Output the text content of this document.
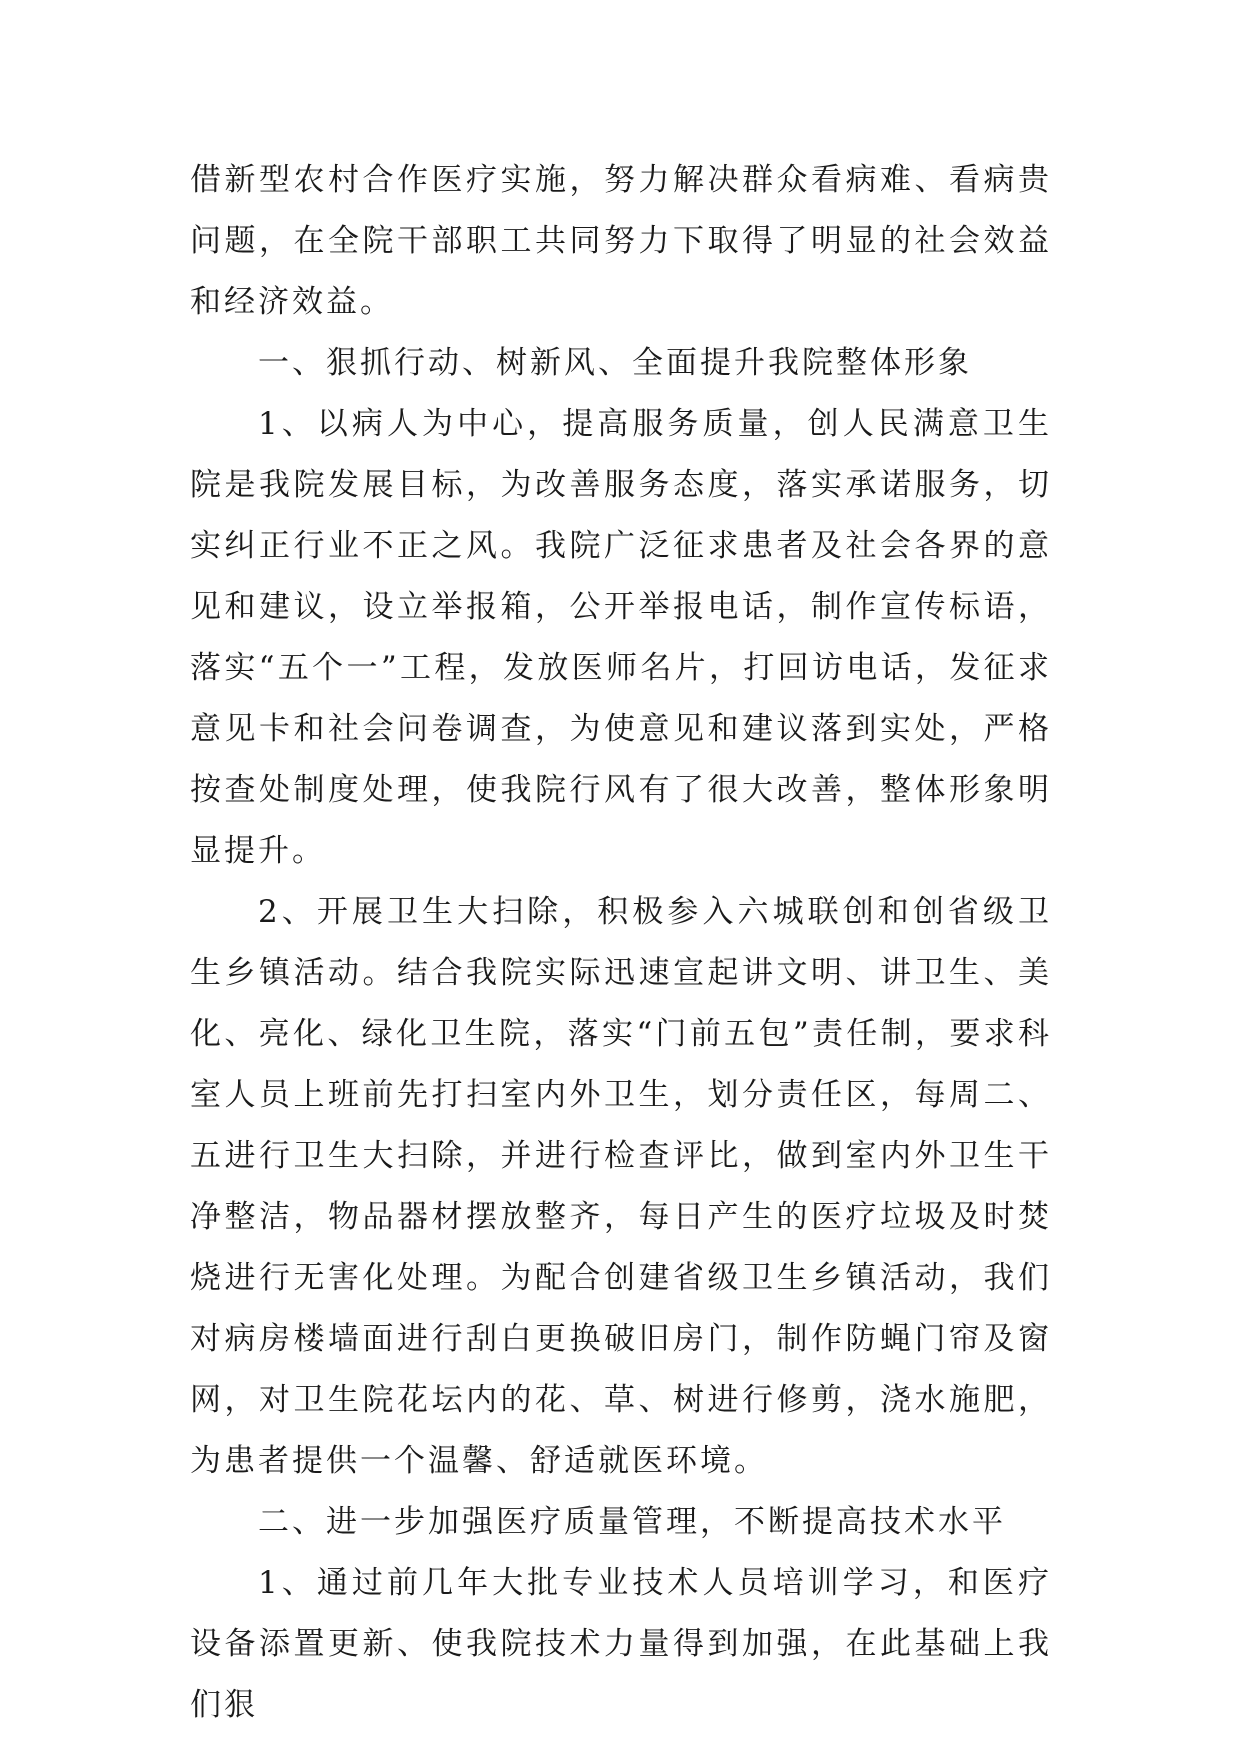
借新型农村合作医疗实施，努力解决群众看病难、看病贵问题，在全院干部职工共同努力下取得了明显的社会效益和经济效益。

一、狠抓行动、树新风、全面提升我院整体形象

1、以病人为中心，提高服务质量，创人民满意卫生院是我院发展目标，为改善服务态度，落实承诺服务，切实纠正行业不正之风。我院广泛征求患者及社会各界的意见和建议，设立举报箱，公开举报电话，制作宣传标语，落实“五个一”工程，发放医师名片，打回访电话，发征求意见卡和社会问卷调查，为使意见和建议落到实处，严格按查处制度处理，使我院行风有了很大改善，整体形象明显提升。

2、开展卫生大扫除，积极参入六城联创和创省级卫生乡镇活动。结合我院实际迅速宣起讲文明、讲卫生、美化、亮化、绿化卫生院，落实“门前五包”责任制，要求科室人员上班前先打扫室内外卫生，划分责任区，每周二、五进行卫生大扫除，并进行检查评比，做到室内外卫生干净整洁，物品器材摆放整齐，每日产生的医疗垃圾及时焚烧进行无害化处理。为配合创建省级卫生乡镇活动，我们对病房楼墙面进行刮白更换破旧房门，制作防蝇门帘及窗网，对卫生院花坛内的花、草、树进行修剪，浇水施肥，为患者提供一个温馨、舒适就医环境。

二、进一步加强医疗质量管理，不断提高技术水平

1、通过前几年大批专业技术人员培训学习，和医疗设备添置更新、使我院技术力量得到加强，在此基础上我们狠
